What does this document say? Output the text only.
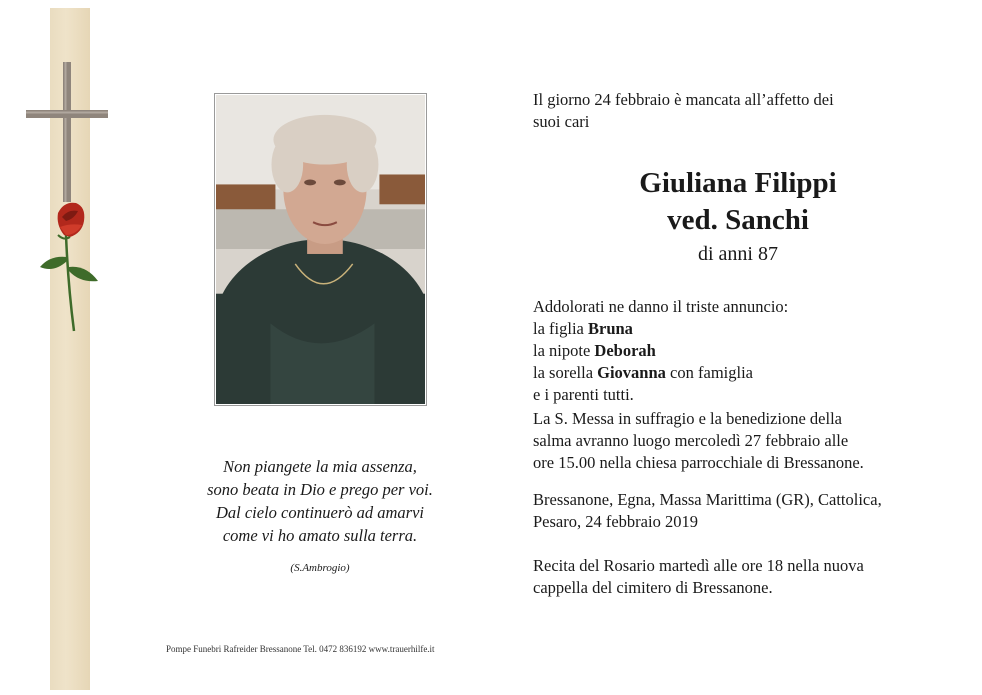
Non piangete la mia assenza,
sono beata in Dio e prego per voi.
Dal cielo continuerò ad amarvi
come vi ho amato sulla terra.
(S.Ambrogio)
Pompe Funebri Rafreider Bressanone Tel. 0472 836192 www.trauerhilfe.it

Il giorno 24 febbraio è mancata all’affetto dei

suoi cari

Giuliana Filippi
ved. Sanchi
di anni 87

Addolorati ne danno il triste annuncio:

la figlia Bruna

la nipote Deborah

la sorella Giovanna con famiglia

e i parenti tutti.

La S. Messa in suffragio e la benedizione della

salma avranno luogo mercoledì 27 febbraio alle

ore 15.00 nella chiesa parrocchiale di Bressanone.

Bressanone, Egna, Massa Marittima (GR), Cattolica,

Pesaro, 24 febbraio 2019

Recita del Rosario martedì alle ore 18 nella nuova

cappella del cimitero di Bressanone.
